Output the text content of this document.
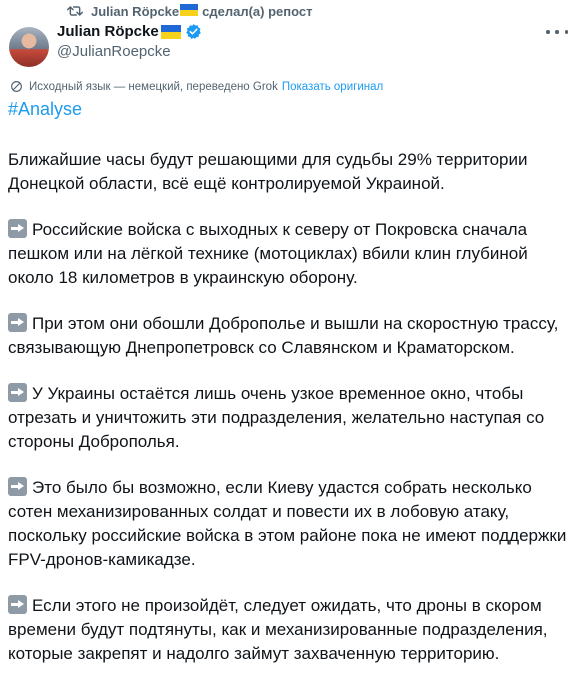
Julian Röpcke сделал(а) репост
Julian Röpcke
@JulianRoepcke
Исходный язык — немецкий, переведено Grok Показать оригинал
#Analyse

Ближайшие часы будут решающими для судьбы 29% территории Донецкой области, всё ещё контролируемой Украиной.

Российские войска с выходных к северу от Покровска сначала пешком или на лёгкой технике (мотоциклах) вбили клин глубиной около 18 километров в украинскую оборону.

При этом они обошли Доброполье и вышли на скоростную трассу, связывающую Днепропетровск со Славянском и Краматорском.

У Украины остаётся лишь очень узкое временное окно, чтобы отрезать и уничтожить эти подразделения, желательно наступая со стороны Доброполья.

Это было бы возможно, если Киеву удастся собрать несколько сотен механизированных солдат и повести их в лобовую атаку, поскольку российские войска в этом районе пока не имеют поддержки FPV-дронов-камикадзе.

Если этого не произойдёт, следует ожидать, что дроны в скором времени будут подтянуты, как и механизированные подразделения, которые закрепят и надолго займут захваченную территорию.
